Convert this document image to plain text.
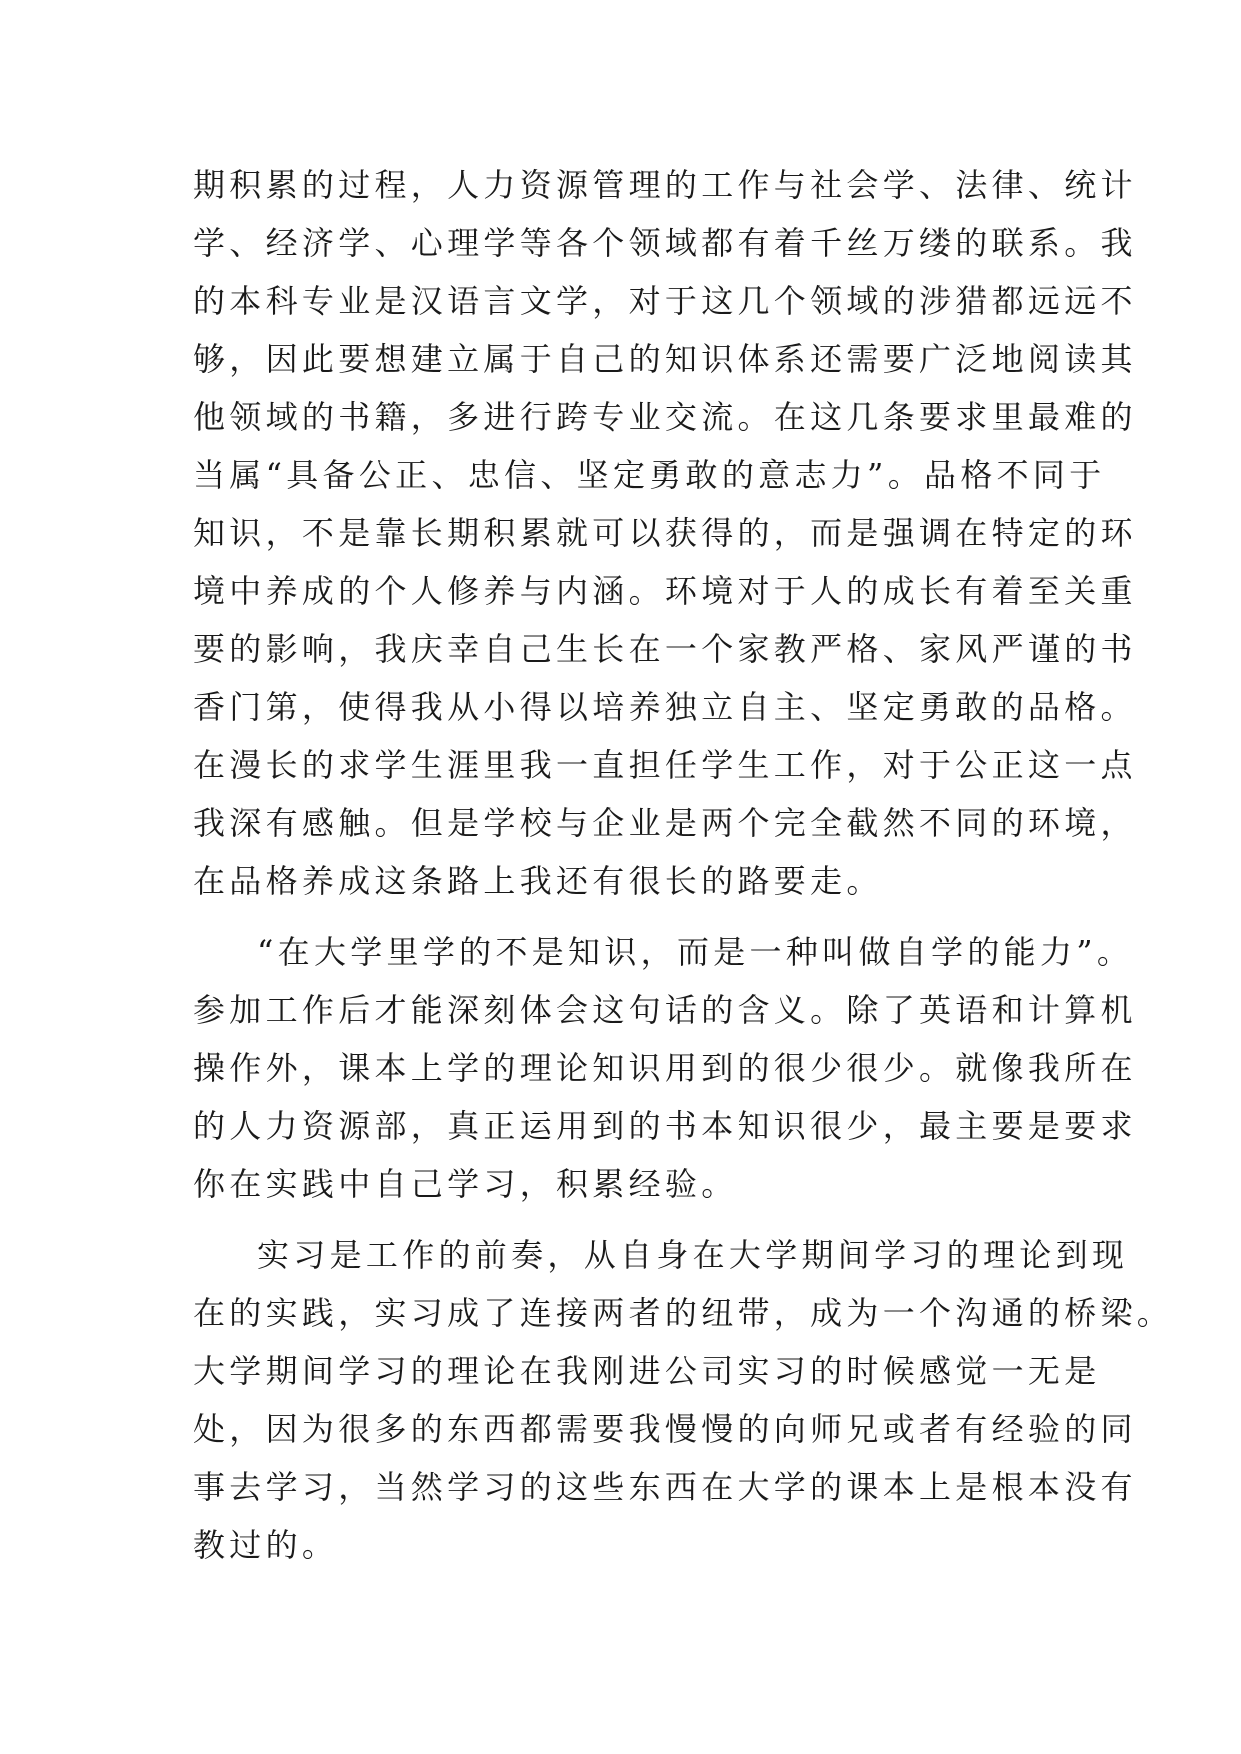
期积累的过程，人力资源管理的工作与社会学、法律、统计
学、经济学、心理学等各个领域都有着千丝万缕的联系。我
的本科专业是汉语言文学，对于这几个领域的涉猎都远远不
够，因此要想建立属于自己的知识体系还需要广泛地阅读其
他领域的书籍，多进行跨专业交流。在这几条要求里最难的
当属“具备公正、忠信、坚定勇敢的意志力”。品格不同于
知识，不是靠长期积累就可以获得的，而是强调在特定的环
境中养成的个人修养与内涵。环境对于人的成长有着至关重
要的影响，我庆幸自己生长在一个家教严格、家风严谨的书
香门第，使得我从小得以培养独立自主、坚定勇敢的品格。
在漫长的求学生涯里我一直担任学生工作，对于公正这一点
我深有感触。但是学校与企业是两个完全截然不同的环境，
在品格养成这条路上我还有很长的路要走。
“在大学里学的不是知识，而是一种叫做自学的能力”。
参加工作后才能深刻体会这句话的含义。除了英语和计算机
操作外，课本上学的理论知识用到的很少很少。就像我所在
的人力资源部，真正运用到的书本知识很少，最主要是要求
你在实践中自己学习，积累经验。
实习是工作的前奏，从自身在大学期间学习的理论到现
在的实践，实习成了连接两者的纽带，成为一个沟通的桥梁。
大学期间学习的理论在我刚进公司实习的时候感觉一无是
处，因为很多的东西都需要我慢慢的向师兄或者有经验的同
事去学习，当然学习的这些东西在大学的课本上是根本没有
教过的。
